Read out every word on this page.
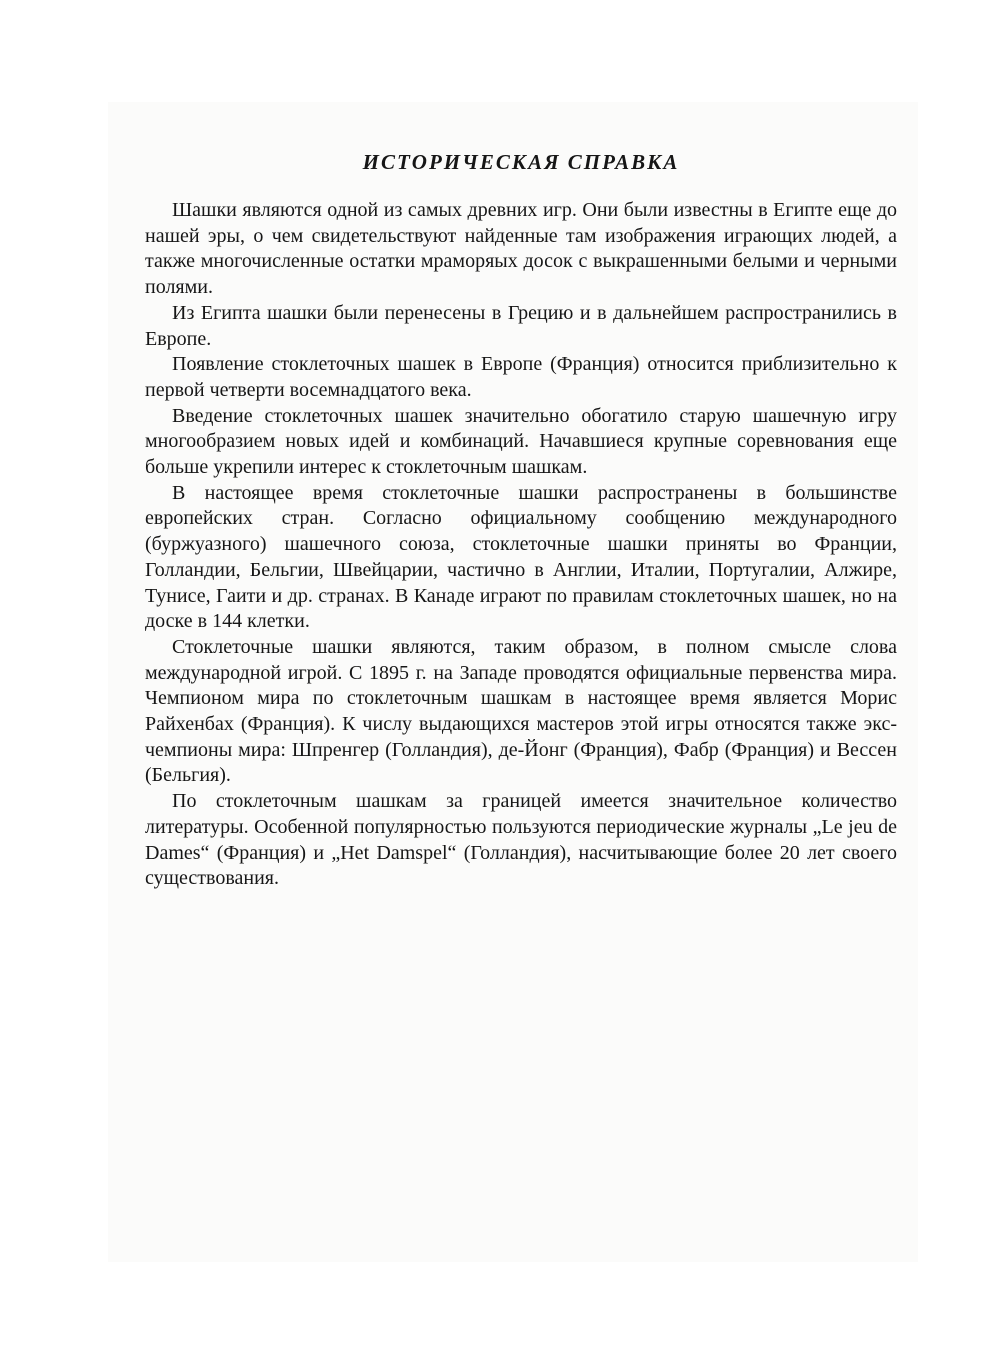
ИСТОРИЧЕСКАЯ СПРАВКА

Шашки являются одной из самых древних игр. Они были известны в Египте еще до нашей эры, о чем свидетельствуют найденные там изображения играющих людей, а также многочисленные остатки мраморяых досок с выкрашенными белыми и черными полями.

Из Египта шашки были перенесены в Грецию и в дальнейшем распространились в Европе.

Появление стоклеточных шашек в Европе (Франция) относится приблизительно к первой четверти восемнадцатого века.

Введение стоклеточных шашек значительно обогатило старую шашечную игру многообразием новых идей и комбинаций. Начавшиеся крупные соревнования еще больше укрепили интерес к стоклеточным шашкам.

В настоящее время стоклеточные шашки распространены в большинстве европейских стран. Согласно официальному сообщению международного (буржуазного) шашечного союза, стоклеточные шашки приняты во Франции, Голландии, Бельгии, Швейцарии, частично в Англии, Италии, Португалии, Алжире, Тунисе, Гаити и др. странах. В Канаде играют по правилам стоклеточных шашек, но на доске в 144 клетки.

Стоклеточные шашки являются, таким образом, в полном смысле слова международной игрой. С 1895 г. на Западе проводятся официальные первенства мира. Чемпионом мира по стоклеточным шашкам в настоящее время является Морис Райхенбах (Франция). К числу выдающихся мастеров этой игры относятся также экс-чемпионы мира: Шпренгер (Голландия), де-Йонг (Франция), Фабр (Франция) и Вессен (Бельгия).

По стоклеточным шашкам за границей имеется значительное количество литературы. Особенной популярностью пользуются периодические журналы „Le jeu de Dames“ (Франция) и „Het Damspel“ (Голландия), насчитывающие более 20 лет своего существования.
